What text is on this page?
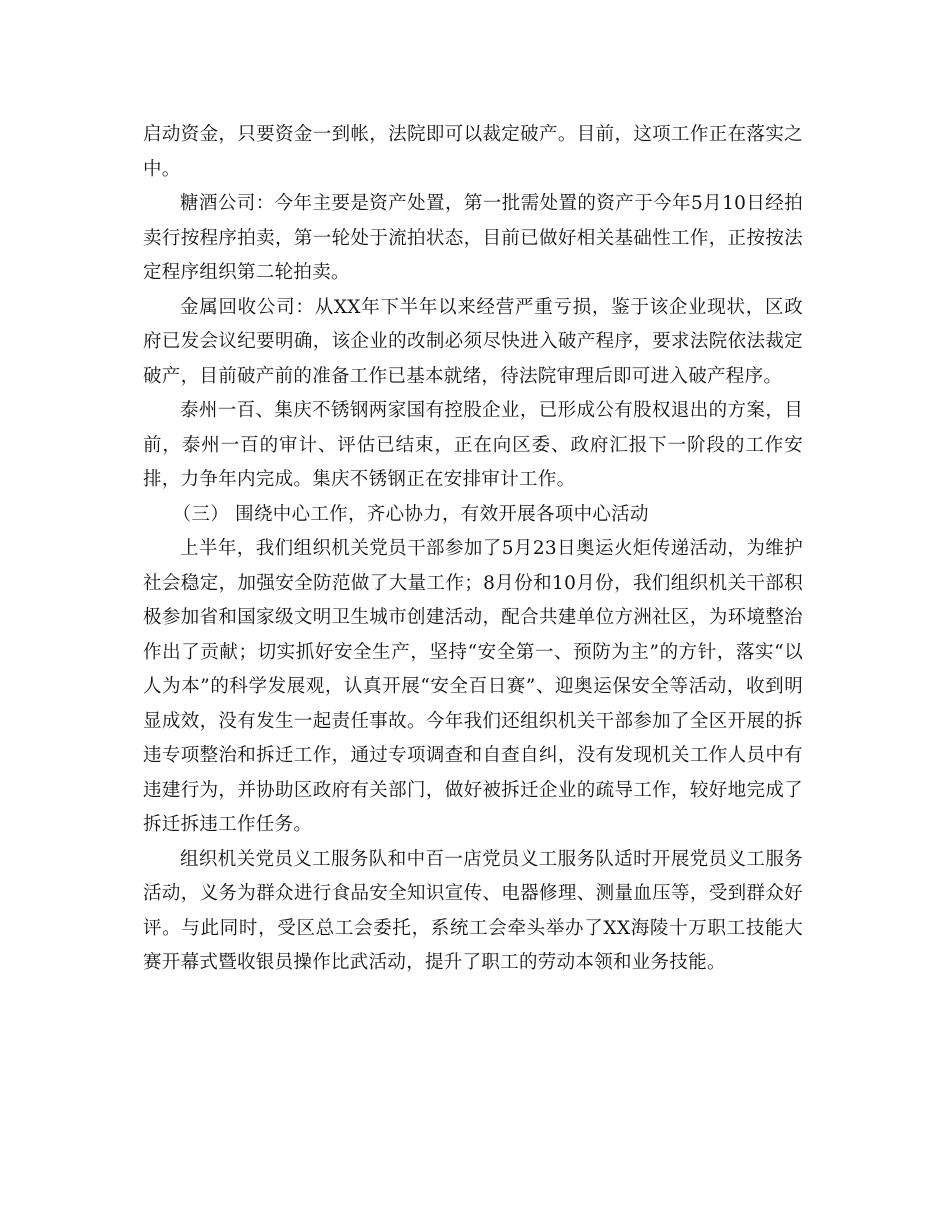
启动资金，只要资金一到帐，法院即可以裁定破产。目前，这项工作正在落实之中。

糖酒公司：今年主要是资产处置，第一批需处置的资产于今年5月10日经拍卖行按程序拍卖，第一轮处于流拍状态，目前已做好相关基础性工作，正按按法定程序组织第二轮拍卖。

金属回收公司：从XX年下半年以来经营严重亏损，鉴于该企业现状，区政府已发会议纪要明确，该企业的改制必须尽快进入破产程序，要求法院依法裁定破产，目前破产前的准备工作已基本就绪，待法院审理后即可进入破产程序。

泰州一百、集庆不锈钢两家国有控股企业，已形成公有股权退出的方案，目前，泰州一百的审计、评估已结束，正在向区委、政府汇报下一阶段的工作安排，力争年内完成。集庆不锈钢正在安排审计工作。

（三） 围绕中心工作，齐心协力，有效开展各项中心活动

上半年，我们组织机关党员干部参加了5月23日奥运火炬传递活动，为维护社会稳定，加强安全防范做了大量工作；8月份和10月份，我们组织机关干部积极参加省和国家级文明卫生城市创建活动，配合共建单位方洲社区，为环境整治作出了贡献；切实抓好安全生产，坚持“安全第一、预防为主”的方针，落实“以人为本”的科学发展观，认真开展“安全百日赛”、迎奥运保安全等活动，收到明显成效，没有发生一起责任事故。今年我们还组织机关干部参加了全区开展的拆违专项整治和拆迁工作，通过专项调查和自查自纠，没有发现机关工作人员中有违建行为，并协助区政府有关部门，做好被拆迁企业的疏导工作，较好地完成了拆迁拆违工作任务。

组织机关党员义工服务队和中百一店党员义工服务队适时开展党员义工服务活动，义务为群众进行食品安全知识宣传、电器修理、测量血压等，受到群众好评。与此同时，受区总工会委托，系统工会牵头举办了XX海陵十万职工技能大赛开幕式暨收银员操作比武活动，提升了职工的劳动本领和业务技能。
